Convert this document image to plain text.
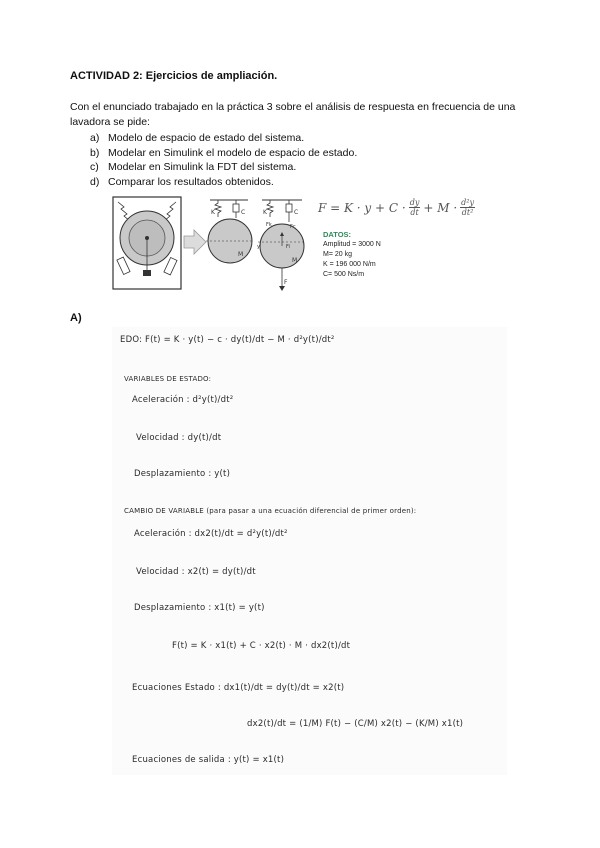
ACTIVIDAD 2: Ejercicios de ampliación.
Con el enunciado trabajado en la práctica 3 sobre el análisis de respuesta en frecuencia de una lavadora se pide:
a) Modelo de espacio de estado del sistema.
b) Modelar en Simulink el modelo de espacio de estado.
c) Modelar en Simulink la FDT del sistema.
d) Comparar los resultados obtenidos.
K	C
M
K	C
Fk	Fc
Fi
y
M
F
$F = K \cdot y + C \cdot \frac{dy}{dt} + M \cdot \frac{\text{d²y}}{\text{dt²}}$
DATOS:
Amplitud = 3000 N
M= 20 kg
K = 196 000 N/m
C= 500 Ns/m
A)
EDO: F(t) = K · y(t) − c · dy(t)/dt − M · d²y(t)/dt²
VARIABLES DE ESTADO:
Aceleración : d²y(t)/dt²
Velocidad : dy(t)/dt
Desplazamiento : y(t)
CAMBIO DE VARIABLE (para pasar a una ecuación diferencial de primer orden):
Aceleración : dx2(t)/dt = d²y(t)/dt²
Velocidad : x2(t) = dy(t)/dt
Desplazamiento : x1(t) = y(t)
F(t) = K · x1(t) + C · x2(t) · M · dx2(t)/dt
Ecuaciones Estado : dx1(t)/dt = dy(t)/dt = x2(t)
dx2(t)/dt = (1/M) F(t) − (C/M) x2(t) − (K/M) x1(t)
Ecuaciones de salida : y(t) = x1(t)
